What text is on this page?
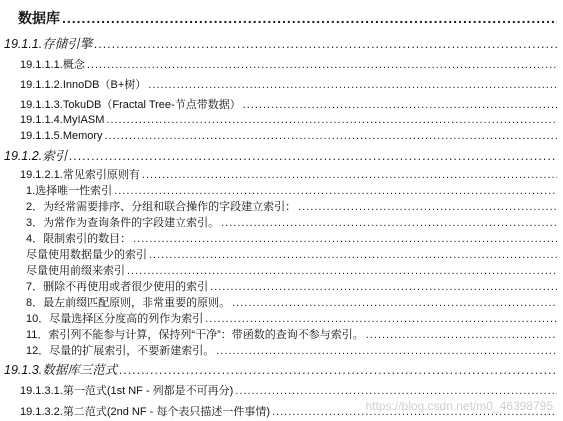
数据库
.....
19.1.1. 存储引擎
.....
19.1.1.1. 概念
.....
19.1.1.2. InnoDB（B+树）
.....
19.1.1.3. TokuDB（Fractal Tree-节点带数据）
.....
19.1.1.4. MyIASM
.....
19.1.1.5. Memory
.....
19.1.2. 索引
.....
19.1.2.1. 常见索引原则有
.....
1.选择唯一性索引
.....
2．为经常需要排序、分组和联合操作的字段建立索引：
.....
3．为常作为查询条件的字段建立索引。
.....
4．限制索引的数目：
.....
尽量使用数据量少的索引
.....
尽量使用前缀来索引
.....
7．删除不再使用或者很少使用的索引
.....
8．最左前缀匹配原则，非常重要的原则。
.....
10．尽量选择区分度高的列作为索引
.....
11．索引列不能参与计算，保持列“干净”：带函数的查询不参与索引。
.....
12．尽量的扩展索引，不要新建索引。
.....
19.1.3. 数据库三范式
.....
19.1.3.1. 第一范式(1st NF - 列都是不可再分)
.....
19.1.3.2. 第二范式(2nd NF - 每个表只描述一件事情)
.....	https://blog.csdn.net/m0_46398795
